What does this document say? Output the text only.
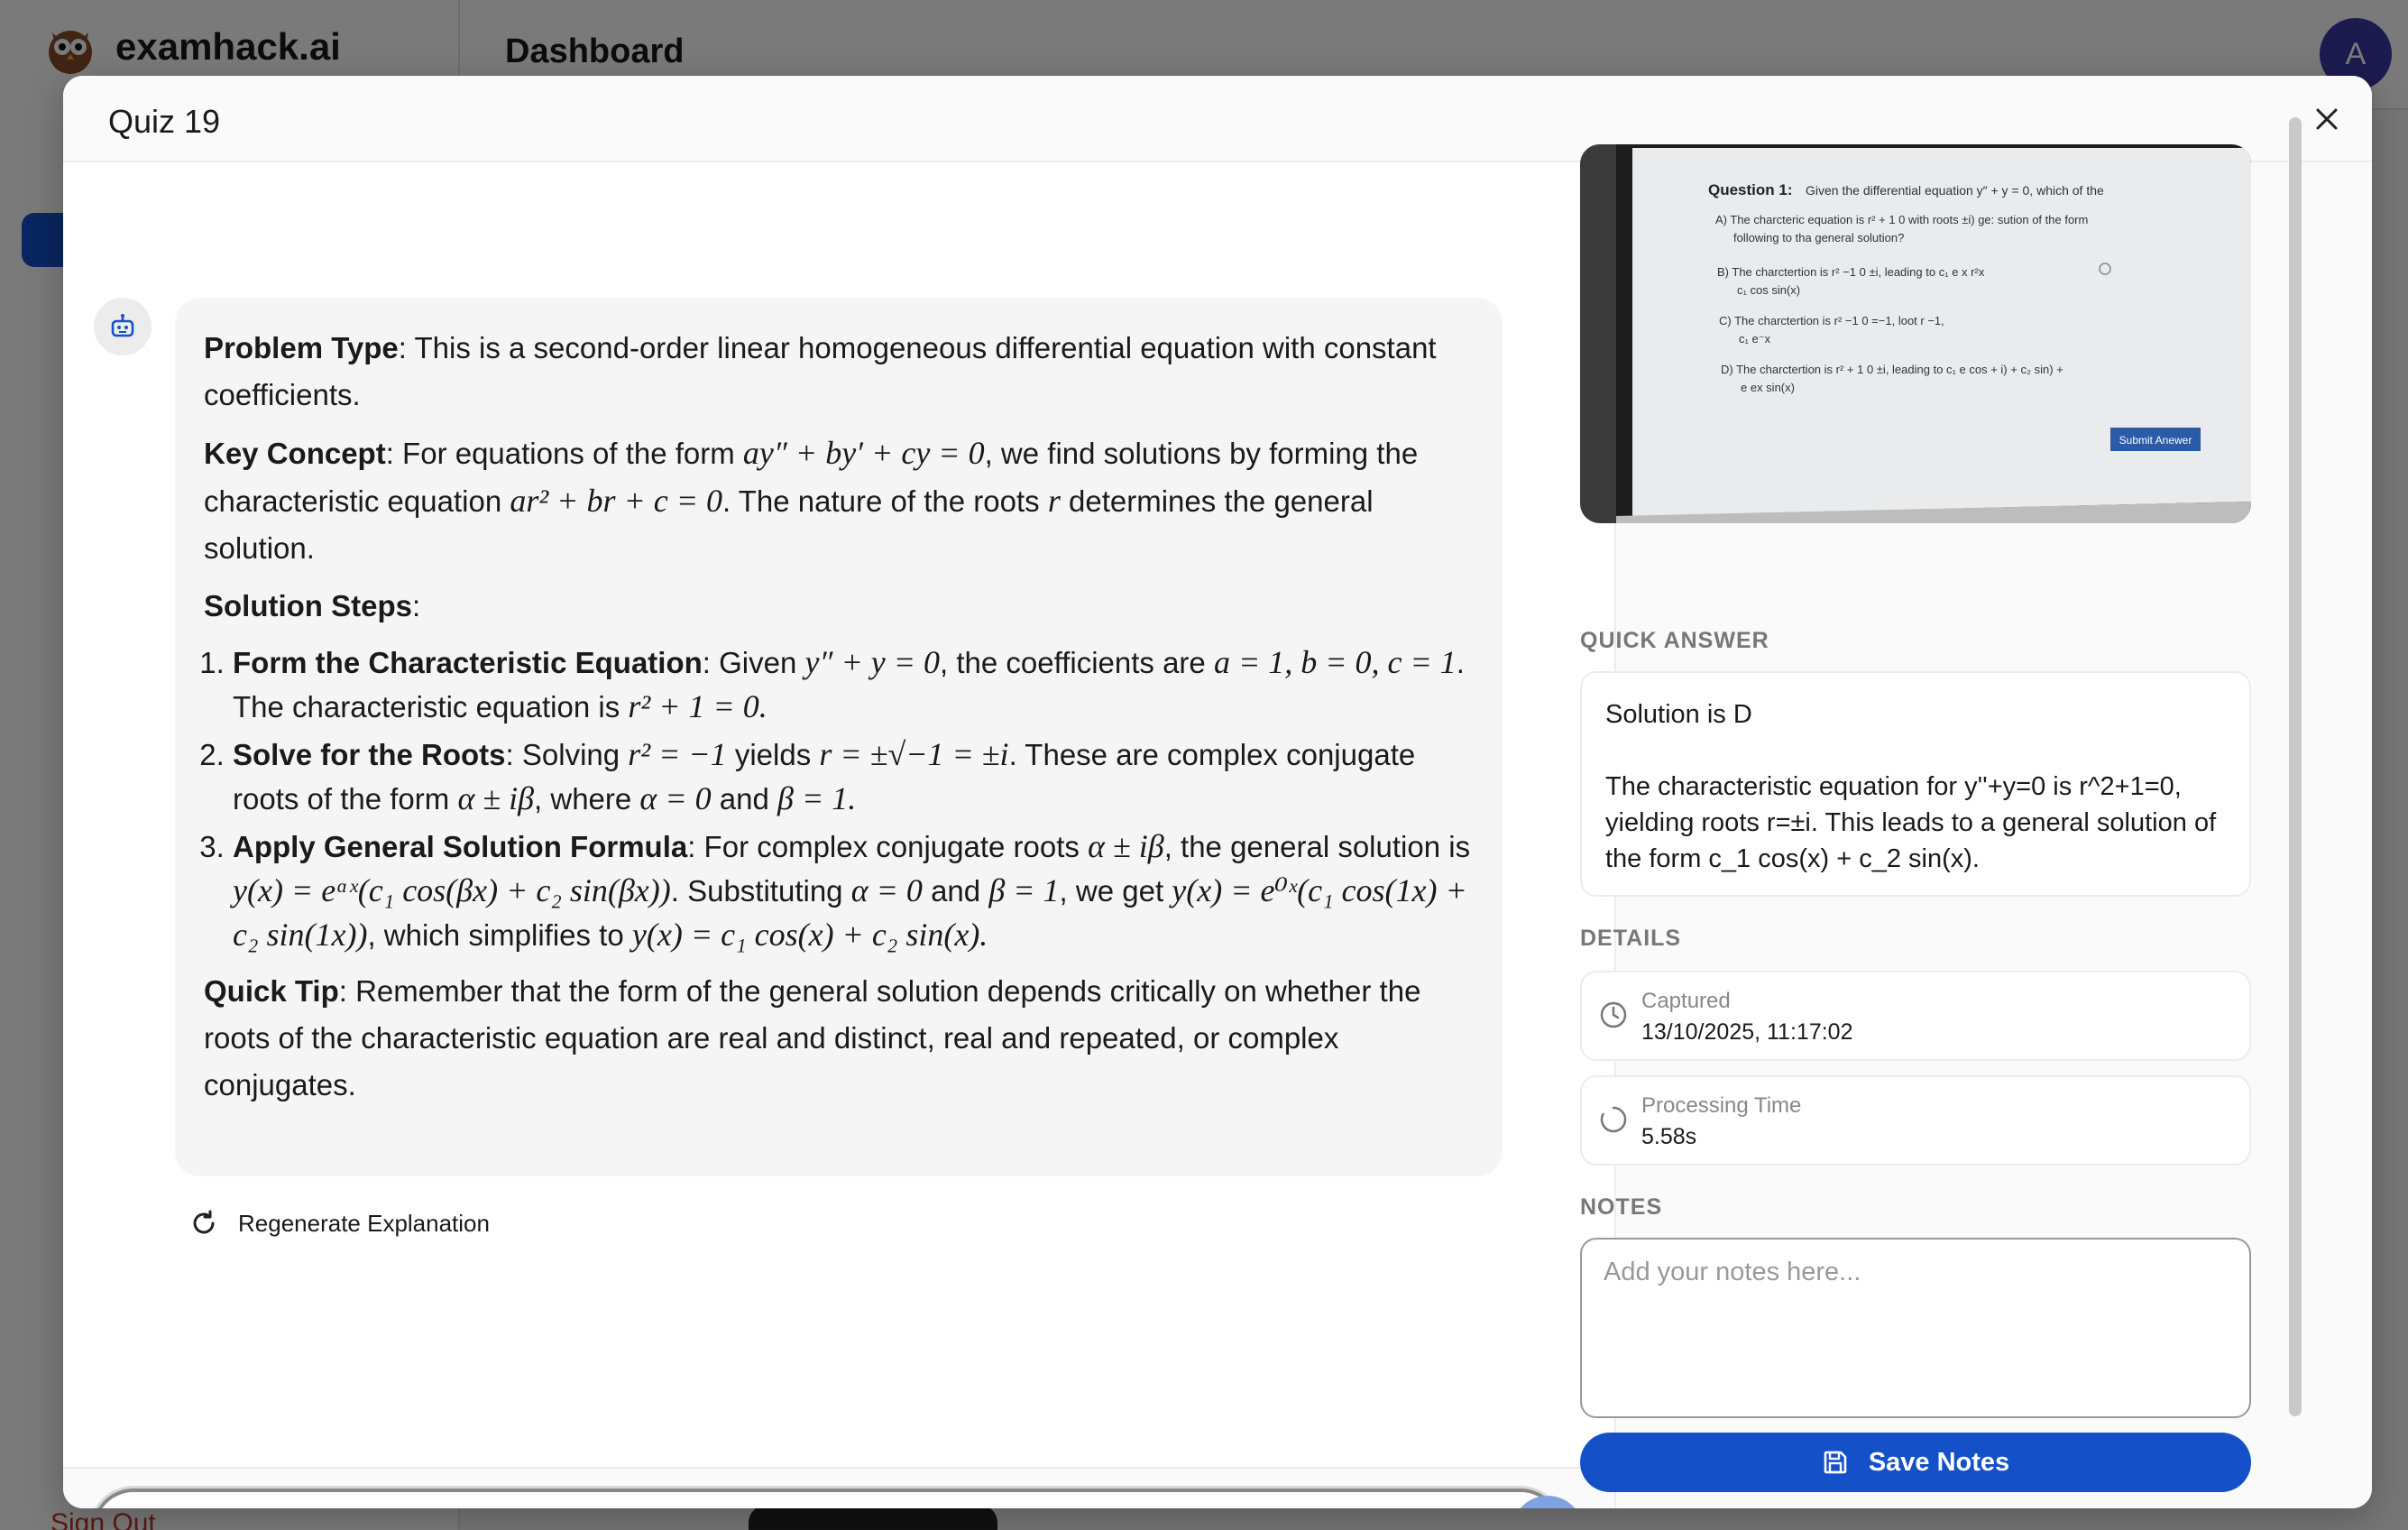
Quiz 19

Problem Type: This is a second-order linear homogeneous differential equation with constant coefficients.

Key Concept: For equations of the form ay″ + by′ + cy = 0, we find solutions by forming the characteristic equation ar² + br + c = 0. The nature of the roots r determines the general solution.

Solution Steps:

1. Form the Characteristic Equation: Given y″ + y = 0, the coefficients are a = 1, b = 0, c = 1. The characteristic equation is r² + 1 = 0.
2. Solve for the Roots: Solving r² = −1 yields r = ±√−1 = ±i. These are complex conjugate roots of the form α ± iβ, where α = 0 and β = 1.
3. Apply General Solution Formula: For complex conjugate roots α ± iβ, the general solution is y(x) = eᵅˣ(c₁ cos(βx) + c₂ sin(βx)). Substituting α = 0 and β = 1, we get y(x) = e⁰ˣ(c₁ cos(1x) + c₂ sin(1x)), which simplifies to y(x) = c₁ cos(x) + c₂ sin(x).

Quick Tip: Remember that the form of the general solution depends critically on whether the roots of the characteristic equation are real and distinct, real and repeated, or complex conjugates.

Regenerate Explanation
Ask a follow-up question...
Question 1: Given the differential equation y″ + y = 0, which of the
A) The charcteric equation is r² + 1 0 with roots ±i) ge: sution of the form
following to tha general solution?
B) The charctertion is r² −1 0 ±i, leading to c₁ e x r²x
c₁ cos sin(x)
C) The charctertion is r² −1 0 =−1, loot r −1,
c₁ e⁻x
D) The charctertion is r² + 1 0 ±i, leading to c₁ e cos + i) + c₂ sin) +
e ex sin(x)
Submit Anewer
QUICK ANSWER
Solution is D
The characteristic equation for y''+y=0 is r^2+1=0, yielding roots r=±i. This leads to a general solution of the form c_1 cos(x) + c_2 sin(x).
DETAILS
Captured
13/10/2025, 11:17:02
Processing Time
5.58s
NOTES
Add your notes here...
Save Notes
